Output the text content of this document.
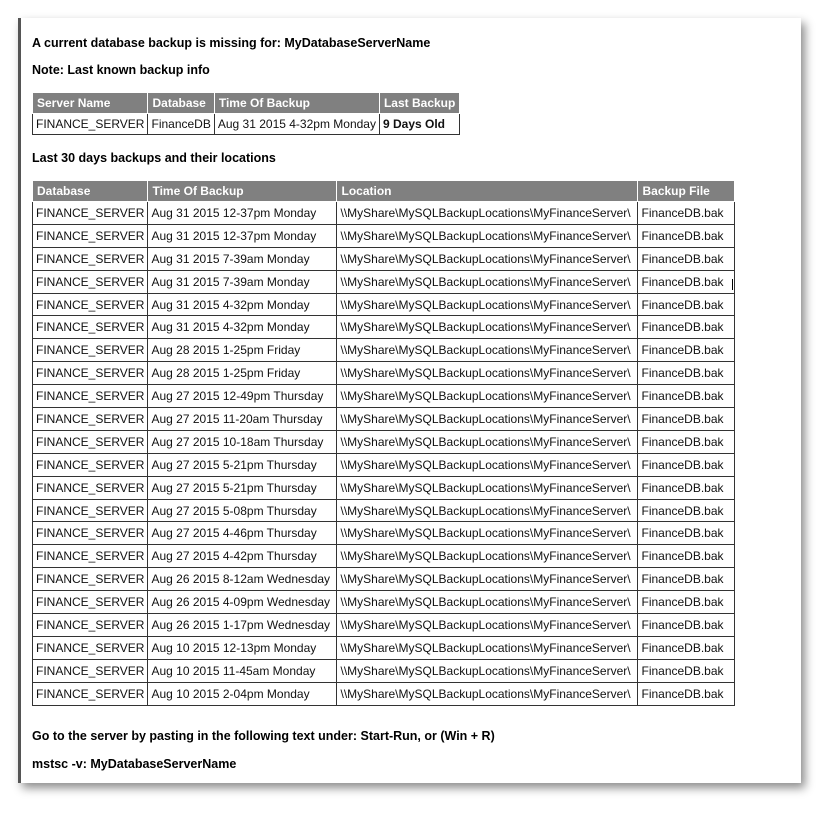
A current database backup is missing for: MyDatabaseServerName
Note: Last known backup info
Server Name	Database	Time Of Backup	Last Backup
FINANCE_SERVER	FinanceDB	Aug 31 2015 4-32pm Monday	9 Days Old
Last 30 days backups and their locations
Database	Time Of Backup	Location	Backup File
FINANCE_SERVER	Aug 31 2015 12-37pm Monday	\\MyShare\MySQLBackupLocations\MyFinanceServer\	FinanceDB.bak
FINANCE_SERVER	Aug 31 2015 12-37pm Monday	\\MyShare\MySQLBackupLocations\MyFinanceServer\	FinanceDB.bak
FINANCE_SERVER	Aug 31 2015 7-39am Monday	\\MyShare\MySQLBackupLocations\MyFinanceServer\	FinanceDB.bak
FINANCE_SERVER	Aug 31 2015 7-39am Monday	\\MyShare\MySQLBackupLocations\MyFinanceServer\	FinanceDB.bak
FINANCE_SERVER	Aug 31 2015 4-32pm Monday	\\MyShare\MySQLBackupLocations\MyFinanceServer\	FinanceDB.bak
FINANCE_SERVER	Aug 31 2015 4-32pm Monday	\\MyShare\MySQLBackupLocations\MyFinanceServer\	FinanceDB.bak
FINANCE_SERVER	Aug 28 2015 1-25pm Friday	\\MyShare\MySQLBackupLocations\MyFinanceServer\	FinanceDB.bak
FINANCE_SERVER	Aug 28 2015 1-25pm Friday	\\MyShare\MySQLBackupLocations\MyFinanceServer\	FinanceDB.bak
FINANCE_SERVER	Aug 27 2015 12-49pm Thursday	\\MyShare\MySQLBackupLocations\MyFinanceServer\	FinanceDB.bak
FINANCE_SERVER	Aug 27 2015 11-20am Thursday	\\MyShare\MySQLBackupLocations\MyFinanceServer\	FinanceDB.bak
FINANCE_SERVER	Aug 27 2015 10-18am Thursday	\\MyShare\MySQLBackupLocations\MyFinanceServer\	FinanceDB.bak
FINANCE_SERVER	Aug 27 2015 5-21pm Thursday	\\MyShare\MySQLBackupLocations\MyFinanceServer\	FinanceDB.bak
FINANCE_SERVER	Aug 27 2015 5-21pm Thursday	\\MyShare\MySQLBackupLocations\MyFinanceServer\	FinanceDB.bak
FINANCE_SERVER	Aug 27 2015 5-08pm Thursday	\\MyShare\MySQLBackupLocations\MyFinanceServer\	FinanceDB.bak
FINANCE_SERVER	Aug 27 2015 4-46pm Thursday	\\MyShare\MySQLBackupLocations\MyFinanceServer\	FinanceDB.bak
FINANCE_SERVER	Aug 27 2015 4-42pm Thursday	\\MyShare\MySQLBackupLocations\MyFinanceServer\	FinanceDB.bak
FINANCE_SERVER	Aug 26 2015 8-12am Wednesday	\\MyShare\MySQLBackupLocations\MyFinanceServer\	FinanceDB.bak
FINANCE_SERVER	Aug 26 2015 4-09pm Wednesday	\\MyShare\MySQLBackupLocations\MyFinanceServer\	FinanceDB.bak
FINANCE_SERVER	Aug 26 2015 1-17pm Wednesday	\\MyShare\MySQLBackupLocations\MyFinanceServer\	FinanceDB.bak
FINANCE_SERVER	Aug 10 2015 12-13pm Monday	\\MyShare\MySQLBackupLocations\MyFinanceServer\	FinanceDB.bak
FINANCE_SERVER	Aug 10 2015 11-45am Monday	\\MyShare\MySQLBackupLocations\MyFinanceServer\	FinanceDB.bak
FINANCE_SERVER	Aug 10 2015 2-04pm Monday	\\MyShare\MySQLBackupLocations\MyFinanceServer\	FinanceDB.bak
Go to the server by pasting in the following text under: Start-Run, or (Win + R)
mstsc -v: MyDatabaseServerName
